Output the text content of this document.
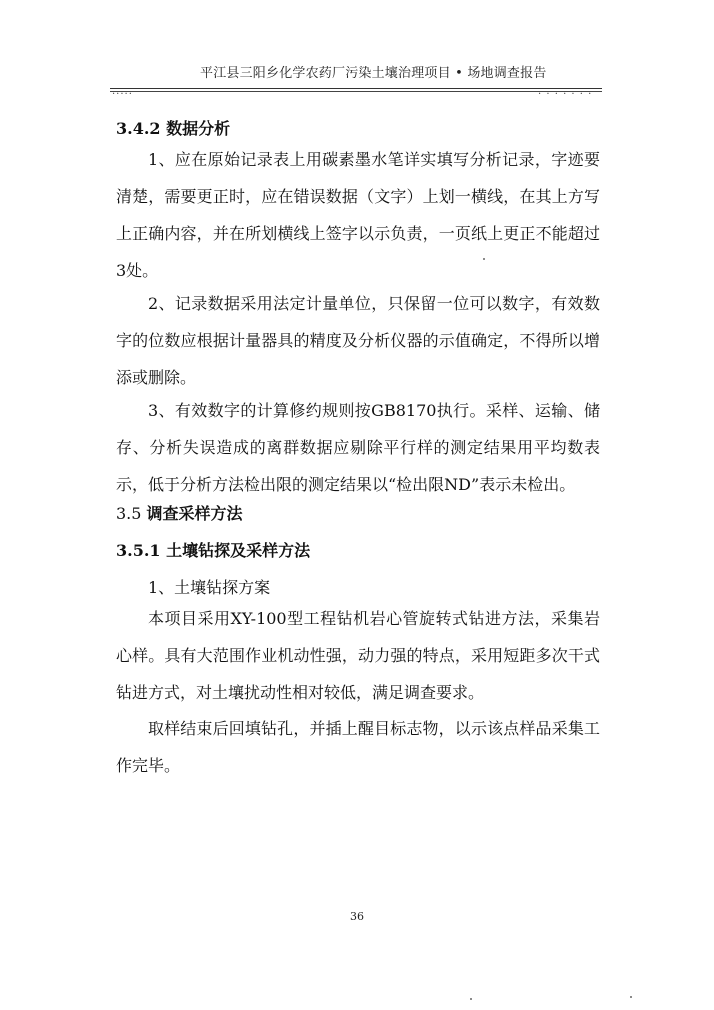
平江县三阳乡化学农药厂污染土壤治理项目 • 场地调查报告
.....	. . . . . . .
3.4.2 数据分析
1、应在原始记录表上用碳素墨水笔详实填写分析记录，字迹要清楚，需要更正时，应在错误数据（文字）上划一横线，在其上方写上正确内容，并在所划横线上签字以示负责，一页纸上更正不能超过3处。
2、记录数据采用法定计量单位，只保留一位可以数字，有效数字的位数应根据计量器具的精度及分析仪器的示值确定，不得所以增添或删除。
3、有效数字的计算修约规则按GB8170执行。采样、运输、储存、分析失误造成的离群数据应剔除平行样的测定结果用平均数表示，低于分析方法检出限的测定结果以“检出限ND”表示未检出。
3.5 调查采样方法
3.5.1 土壤钻探及采样方法
1、土壤钻探方案
本项目采用XY-100型工程钻机岩心管旋转式钻进方法，采集岩心样。具有大范围作业机动性强，动力强的特点，采用短距多次干式钻进方式，对土壤扰动性相对较低，满足调查要求。
取样结束后回填钻孔，并插上醒目标志物，以示该点样品采集工作完毕。
36
